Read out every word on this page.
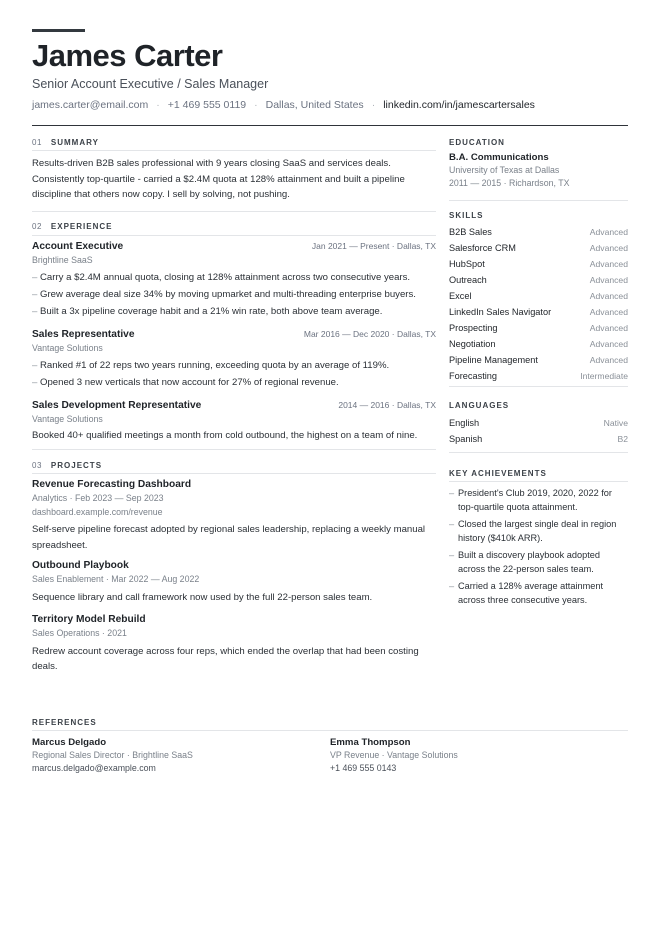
James Carter
Senior Account Executive / Sales Manager
james.carter@email.com · +1 469 555 0119 · Dallas, United States · linkedin.com/in/jamescartersales
01 SUMMARY
Results-driven B2B sales professional with 9 years closing SaaS and services deals. Consistently top-quartile - carried a $2.4M quota at 128% attainment and built a pipeline discipline that others now copy. I sell by solving, not pushing.
02 EXPERIENCE
Account Executive	Jan 2021 — Present · Dallas, TX
Brightline SaaS
– Carry a $2.4M annual quota, closing at 128% attainment across two consecutive years.
– Grew average deal size 34% by moving upmarket and multi-threading enterprise buyers.
– Built a 3x pipeline coverage habit and a 21% win rate, both above team average.
Sales Representative	Mar 2016 — Dec 2020 · Dallas, TX
Vantage Solutions
– Ranked #1 of 22 reps two years running, exceeding quota by an average of 119%.
– Opened 3 new verticals that now account for 27% of regional revenue.
Sales Development Representative	2014 — 2016 · Dallas, TX
Vantage Solutions
Booked 40+ qualified meetings a month from cold outbound, the highest on a team of nine.
03 PROJECTS
Revenue Forecasting Dashboard
Analytics · Feb 2023 — Sep 2023
dashboard.example.com/revenue
Self-serve pipeline forecast adopted by regional sales leadership, replacing a weekly manual spreadsheet.
Outbound Playbook
Sales Enablement · Mar 2022 — Aug 2022
Sequence library and call framework now used by the full 22-person sales team.
Territory Model Rebuild
Sales Operations · 2021
Redrew account coverage across four reps, which ended the overlap that had been costing deals.
EDUCATION
B.A. Communications
University of Texas at Dallas
2011 — 2015 · Richardson, TX
SKILLS
B2B Sales	Advanced
Salesforce CRM	Advanced
HubSpot	Advanced
Outreach	Advanced
Excel	Advanced
LinkedIn Sales Navigator	Advanced
Prospecting	Advanced
Negotiation	Advanced
Pipeline Management	Advanced
Forecasting	Intermediate
LANGUAGES
English	Native
Spanish	B2
KEY ACHIEVEMENTS
– President's Club 2019, 2020, 2022 for top-quartile quota attainment.
– Closed the largest single deal in region history ($410k ARR).
– Built a discovery playbook adopted across the 22-person sales team.
– Carried a 128% average attainment across three consecutive years.
REFERENCES
Marcus Delgado
Regional Sales Director · Brightline SaaS
marcus.delgado@example.com
Emma Thompson
VP Revenue · Vantage Solutions
+1 469 555 0143
